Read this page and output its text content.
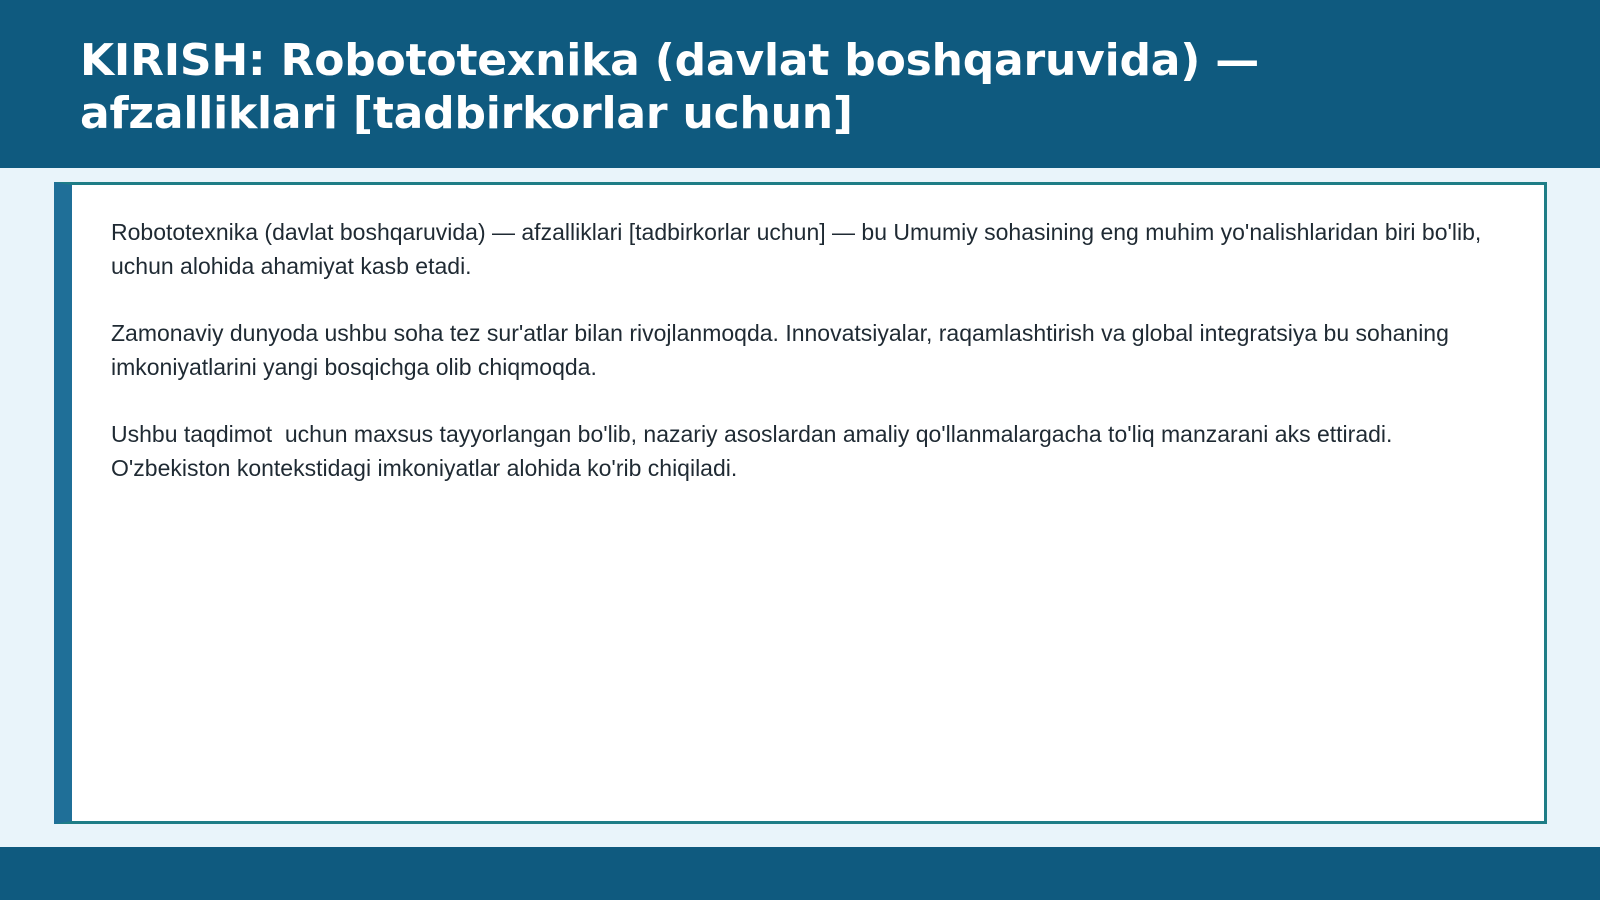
KIRISH: Robototexnika (davlat boshqaruvida) — afzalliklari [tadbirkorlar uchun]

Robototexnika (davlat boshqaruvida) — afzalliklari [tadbirkorlar uchun] — bu Umumiy sohasining eng muhim yo'nalishlaridan biri bo'lib,  uchun alohida ahamiyat kasb etadi.

Zamonaviy dunyoda ushbu soha tez sur'atlar bilan rivojlanmoqda. Innovatsiyalar, raqamlashtirish va global integratsiya bu sohaning imkoniyatlarini yangi bosqichga olib chiqmoqda.

Ushbu taqdimot  uchun maxsus tayyorlangan bo'lib, nazariy asoslardan amaliy qo'llanmalargacha to'liq manzarani aks ettiradi. O'zbekiston kontekstidagi imkoniyatlar alohida ko'rib chiqiladi.
